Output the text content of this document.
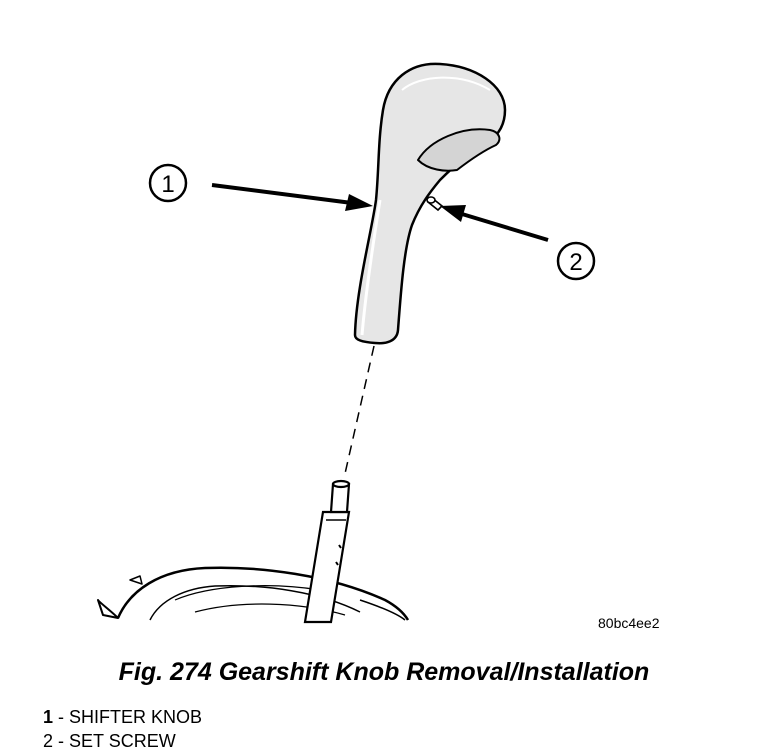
1
2
80bc4ee2
Fig. 274 Gearshift Knob Removal/Installation
1 - SHIFTER KNOB
2 - SET SCREW
